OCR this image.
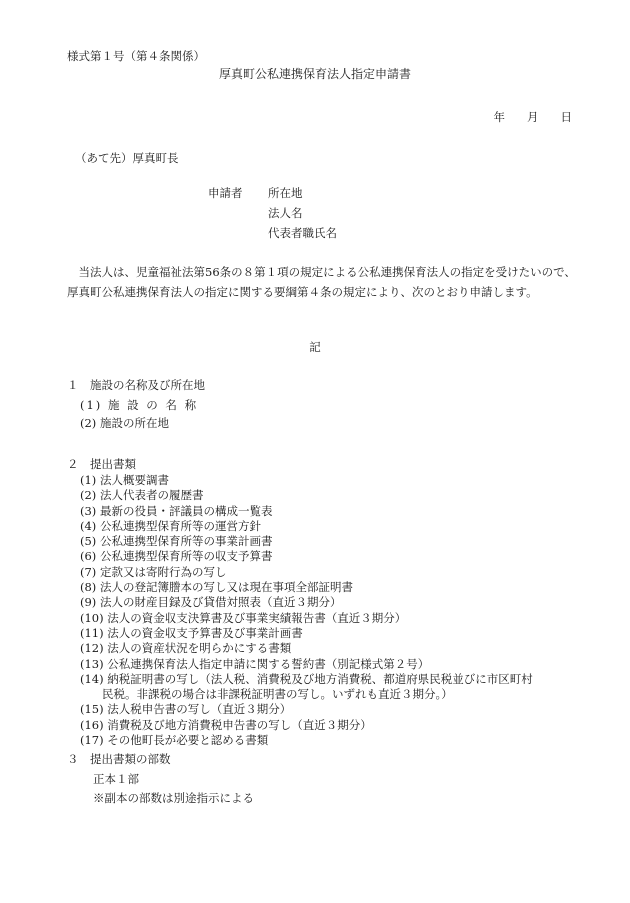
様式第１号（第４条関係）
厚真町公私連携保育法人指定申請書
年 月 日
（あて先）厚真町長
申請者 所在地
法人名
代表者職氏名
当法人は、児童福祉法第56条の８第１項の規定による公私連携保育法人の指定を受けたいので、厚真町公私連携保育法人の指定に関する要綱第４条の規定により、次のとおり申請します。
記
１　施設の名称及び所在地
(1) 施 設 の 名 称
(2) 施設の所在地
２　提出書類
(1) 法人概要調書
(2) 法人代表者の履歴書
(3) 最新の役員・評議員の構成一覧表
(4) 公私連携型保育所等の運営方針
(5) 公私連携型保育所等の事業計画書
(6) 公私連携型保育所等の収支予算書
(7) 定款又は寄附行為の写し
(8) 法人の登記簿謄本の写し又は現在事項全部証明書
(9) 法人の財産目録及び貸借対照表（直近３期分）
(10) 法人の資金収支決算書及び事業実績報告書（直近３期分）
(11) 法人の資金収支予算書及び事業計画書
(12) 法人の資産状況を明らかにする書類
(13) 公私連携保育法人指定申請に関する誓約書（別記様式第２号）
(14) 納税証明書の写し（法人税、消費税及び地方消費税、都道府県民税並びに市区町村
民税。非課税の場合は非課税証明書の写し。いずれも直近３期分。）
(15) 法人税申告書の写し（直近３期分）
(16) 消費税及び地方消費税申告書の写し（直近３期分）
(17) その他町長が必要と認める書類
３　提出書類の部数
正本１部
※副本の部数は別途指示による
